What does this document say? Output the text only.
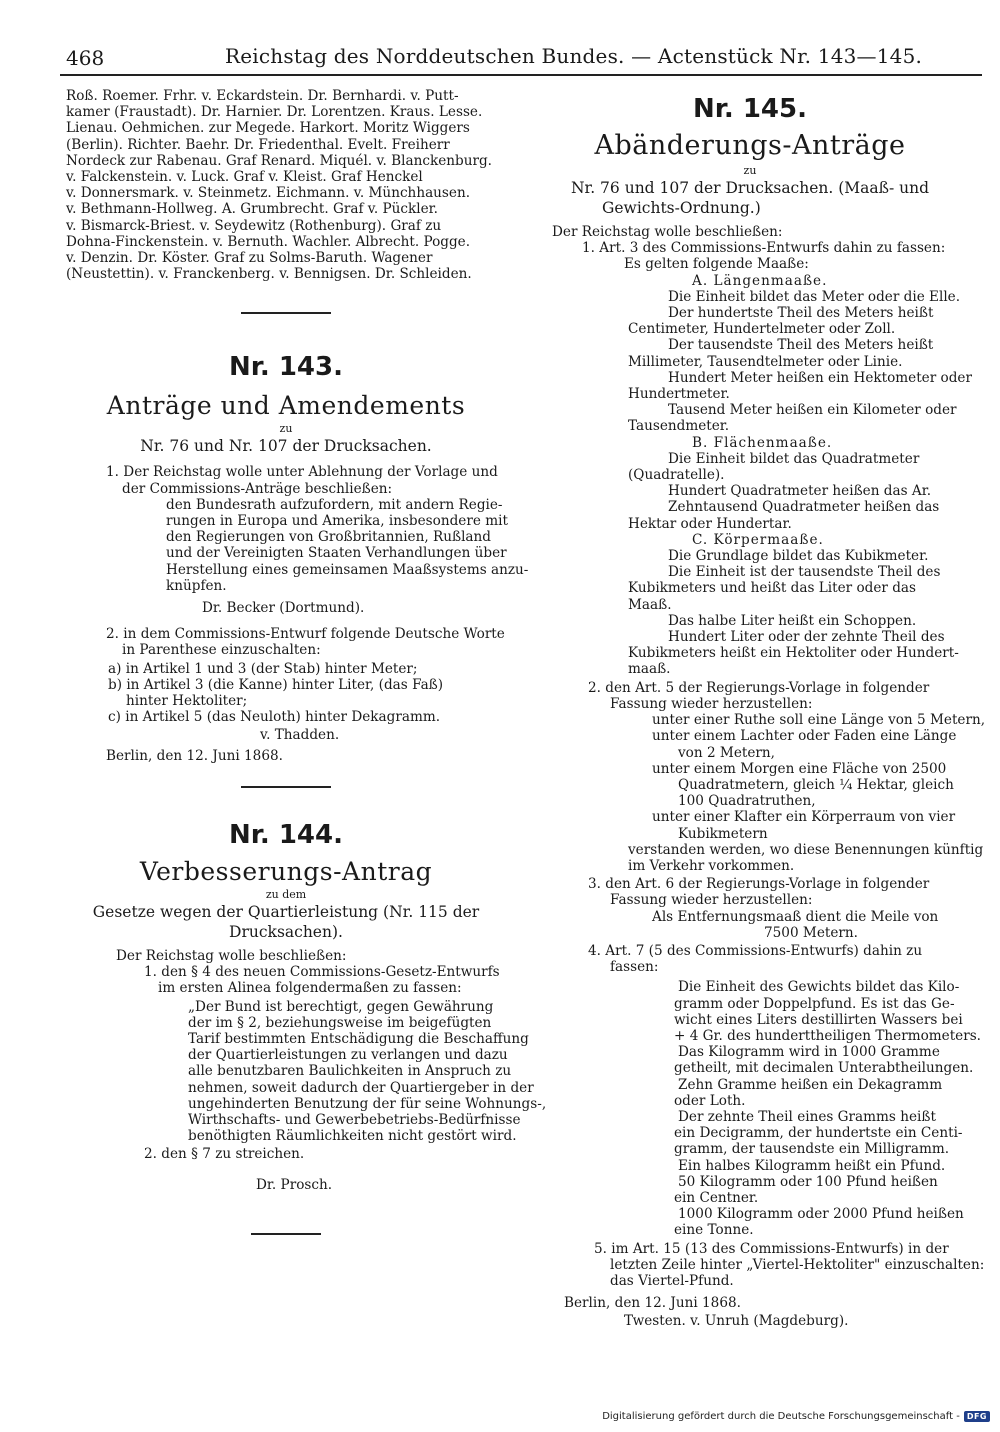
468	Reichstag des Norddeutschen Bundes. — Actenstück Nr. 143—145.

Roß. Roemer. Frhr. v. Eckardstein. Dr. Bernhardi. v. Putt-

kamer (Fraustadt). Dr. Harnier. Dr. Lorentzen. Kraus. Lesse.

Lienau. Oehmichen. zur Megede. Harkort. Moritz Wiggers

(Berlin). Richter. Baehr. Dr. Friedenthal. Evelt. Freiherr

Nordeck zur Rabenau. Graf Renard. Miquél. v. Blanckenburg.

v. Falckenstein. v. Luck. Graf v. Kleist. Graf Henckel

v. Donnersmark. v. Steinmetz. Eichmann. v. Münchhausen.

v. Bethmann-Hollweg. A. Grumbrecht. Graf v. Pückler.

v. Bismarck-Briest. v. Seydewitz (Rothenburg). Graf zu

Dohna-Finckenstein. v. Bernuth. Wachler. Albrecht. Pogge.

v. Denzin. Dr. Köster. Graf zu Solms-Baruth. Wagener

(Neustettin). v. Franckenberg. v. Bennigsen. Dr. Schleiden.

Nr. 143.
Anträge und Amendements
zu
Nr. 76 und Nr. 107 der Drucksachen.

1. Der Reichstag wolle unter Ablehnung der Vorlage und

der Commissions-Anträge beschließen:

den Bundesrath aufzufordern, mit andern Regie-

rungen in Europa und Amerika, insbesondere mit

den Regierungen von Großbritannien, Rußland

und der Vereinigten Staaten Verhandlungen über

Herstellung eines gemeinsamen Maaßsystems anzu-

knüpfen.

Dr. Becker (Dortmund).

2. in dem Commissions-Entwurf folgende Deutsche Worte

in Parenthese einzuschalten:

a) in Artikel 1 und 3 (der Stab) hinter Meter;

b) in Artikel 3 (die Kanne) hinter Liter, (das Faß)

hinter Hektoliter;

c) in Artikel 5 (das Neuloth) hinter Dekagramm.

v. Thadden.

Berlin, den 12. Juni 1868.

Nr. 144.
Verbesserungs-Antrag
zu dem
Gesetze wegen der Quartierleistung (Nr. 115 der
Drucksachen).

Der Reichstag wolle beschließen:

1. den § 4 des neuen Commissions-Gesetz-Entwurfs

im ersten Alinea folgendermaßen zu fassen:

„Der Bund ist berechtigt, gegen Gewährung

der im § 2, beziehungsweise im beigefügten

Tarif bestimmten Entschädigung die Beschaffung

der Quartierleistungen zu verlangen und dazu

alle benutzbaren Baulichkeiten in Anspruch zu

nehmen, soweit dadurch der Quartiergeber in der

ungehinderten Benutzung der für seine Wohnungs-,

Wirthschafts- und Gewerbebetriebs-Bedürfnisse

benöthigten Räumlichkeiten nicht gestört wird.

2. den § 7 zu streichen.

Dr. Prosch.

Nr. 145.
Abänderungs-Anträge
zu
Nr. 76 und 107 der Drucksachen. (Maaß- und
Gewichts-Ordnung.)

Der Reichstag wolle beschließen:

1. Art. 3 des Commissions-Entwurfs dahin zu fassen:

Es gelten folgende Maaße:

A. Längenmaaße.

Die Einheit bildet das Meter oder die Elle.

Der hundertste Theil des Meters heißt

Centimeter, Hundertelmeter oder Zoll.

Der tausendste Theil des Meters heißt

Millimeter, Tausendtelmeter oder Linie.

Hundert Meter heißen ein Hektometer oder

Hundertmeter.

Tausend Meter heißen ein Kilometer oder

Tausendmeter.

B. Flächenmaaße.

Die Einheit bildet das Quadratmeter

(Quadratelle).

Hundert Quadratmeter heißen das Ar.

Zehntausend Quadratmeter heißen das

Hektar oder Hundertar.

C. Körpermaaße.

Die Grundlage bildet das Kubikmeter.

Die Einheit ist der tausendste Theil des

Kubikmeters und heißt das Liter oder das

Maaß.

Das halbe Liter heißt ein Schoppen.

Hundert Liter oder der zehnte Theil des

Kubikmeters heißt ein Hektoliter oder Hundert-

maaß.

2. den Art. 5 der Regierungs-Vorlage in folgender

Fassung wieder herzustellen:

unter einer Ruthe soll eine Länge von 5 Metern,

unter einem Lachter oder Faden eine Länge

von 2 Metern,

unter einem Morgen eine Fläche von 2500

Quadratmetern, gleich ¼ Hektar, gleich

100 Quadratruthen,

unter einer Klafter ein Körperraum von vier

Kubikmetern

verstanden werden, wo diese Benennungen künftig

im Verkehr vorkommen.

3. den Art. 6 der Regierungs-Vorlage in folgender

Fassung wieder herzustellen:

Als Entfernungsmaaß dient die Meile von

7500 Metern.

4. Art. 7 (5 des Commissions-Entwurfs) dahin zu

fassen:

Die Einheit des Gewichts bildet das Kilo-

gramm oder Doppelpfund. Es ist das Ge-

wicht eines Liters destillirten Wassers bei

+ 4 Gr. des hunderttheiligen Thermometers.

Das Kilogramm wird in 1000 Gramme

getheilt, mit decimalen Unterabtheilungen.

Zehn Gramme heißen ein Dekagramm

oder Loth.

Der zehnte Theil eines Gramms heißt

ein Decigramm, der hundertste ein Centi-

gramm, der tausendste ein Milligramm.

Ein halbes Kilogramm heißt ein Pfund.

50 Kilogramm oder 100 Pfund heißen

ein Centner.

1000 Kilogramm oder 2000 Pfund heißen

eine Tonne.

5. im Art. 15 (13 des Commissions-Entwurfs) in der

letzten Zeile hinter „Viertel-Hektoliter" einzuschalten:

das Viertel-Pfund.

Berlin, den 12. Juni 1868.

Twesten. v. Unruh (Magdeburg).

Digitalisierung gefördert durch die Deutsche Forschungsgemeinschaft - DFG
